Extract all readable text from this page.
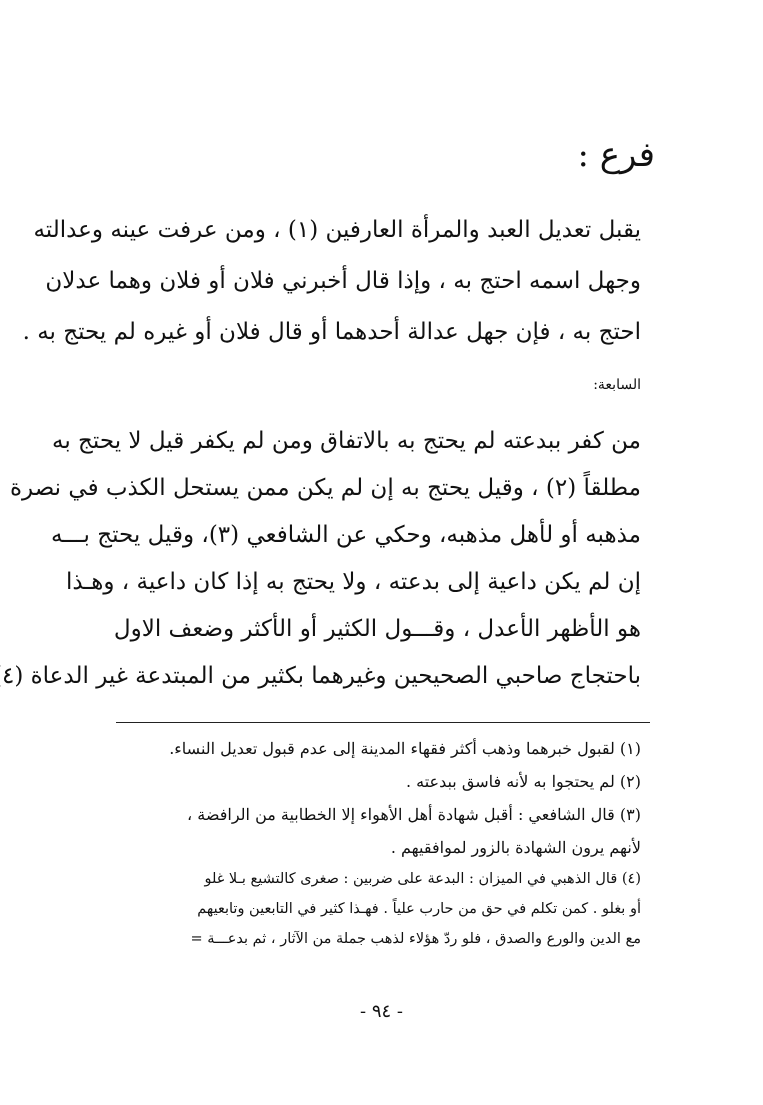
فرع :
يقبل تعديل العبد والمرأة العارفين (١) ، ومن عرفت عينه وعدالته
وجهل اسمه احتج به ، وإذا قال أخبرني فلان أو فلان وهما عدلان
احتج به ، فإن جهل عدالة أحدهما أو قال فلان أو غيره لم يحتج به .
السابعة:
من كفر ببدعته لم يحتج به بالاتفاق ومن لم يكفر قيل لا يحتج به
مطلقاً (٢) ، وقيل يحتج به إن لم يكن ممن يستحل الكذب في نصرة
مذهبه أو لأهل مذهبه، وحكي عن الشافعي (٣)، وقيل يحتج بـــه
إن لم يكن داعية إلى بدعته ، ولا يحتج به إذا كان داعية ، وهـذا
هو الأظهر الأعدل ، وقـــول الكثير أو الأكثر وضعف الاول
باحتجاج صاحبي الصحيحين وغيرهما بكثير من المبتدعة غير الدعاة (٤
(١) لقبول خبرهما وذهب أكثر فقهاء المدينة إلى عدم قبول تعديل النساء.
(٢) لم يحتجوا به لأنه فاسق ببدعته .
(٣) قال الشافعي : أقبل شهادة أهل الأهواء إلا الخطابية من الرافضة ،
لأنهم يرون الشهادة بالزور لموافقيهم .
(٤) قال الذهبي في الميزان : البدعة على ضربين : صغرى كالتشيع بـلا غلو
أو بغلو . كمن تكلم في حق من حارب علياً . فهـذا كثير في التابعين وتابعيهم
مع الدين والورع والصدق ، فلو ردّ هؤلاء لذهب جملة من الآثار ، ثم بدعـــة =
- ٩٤ -
